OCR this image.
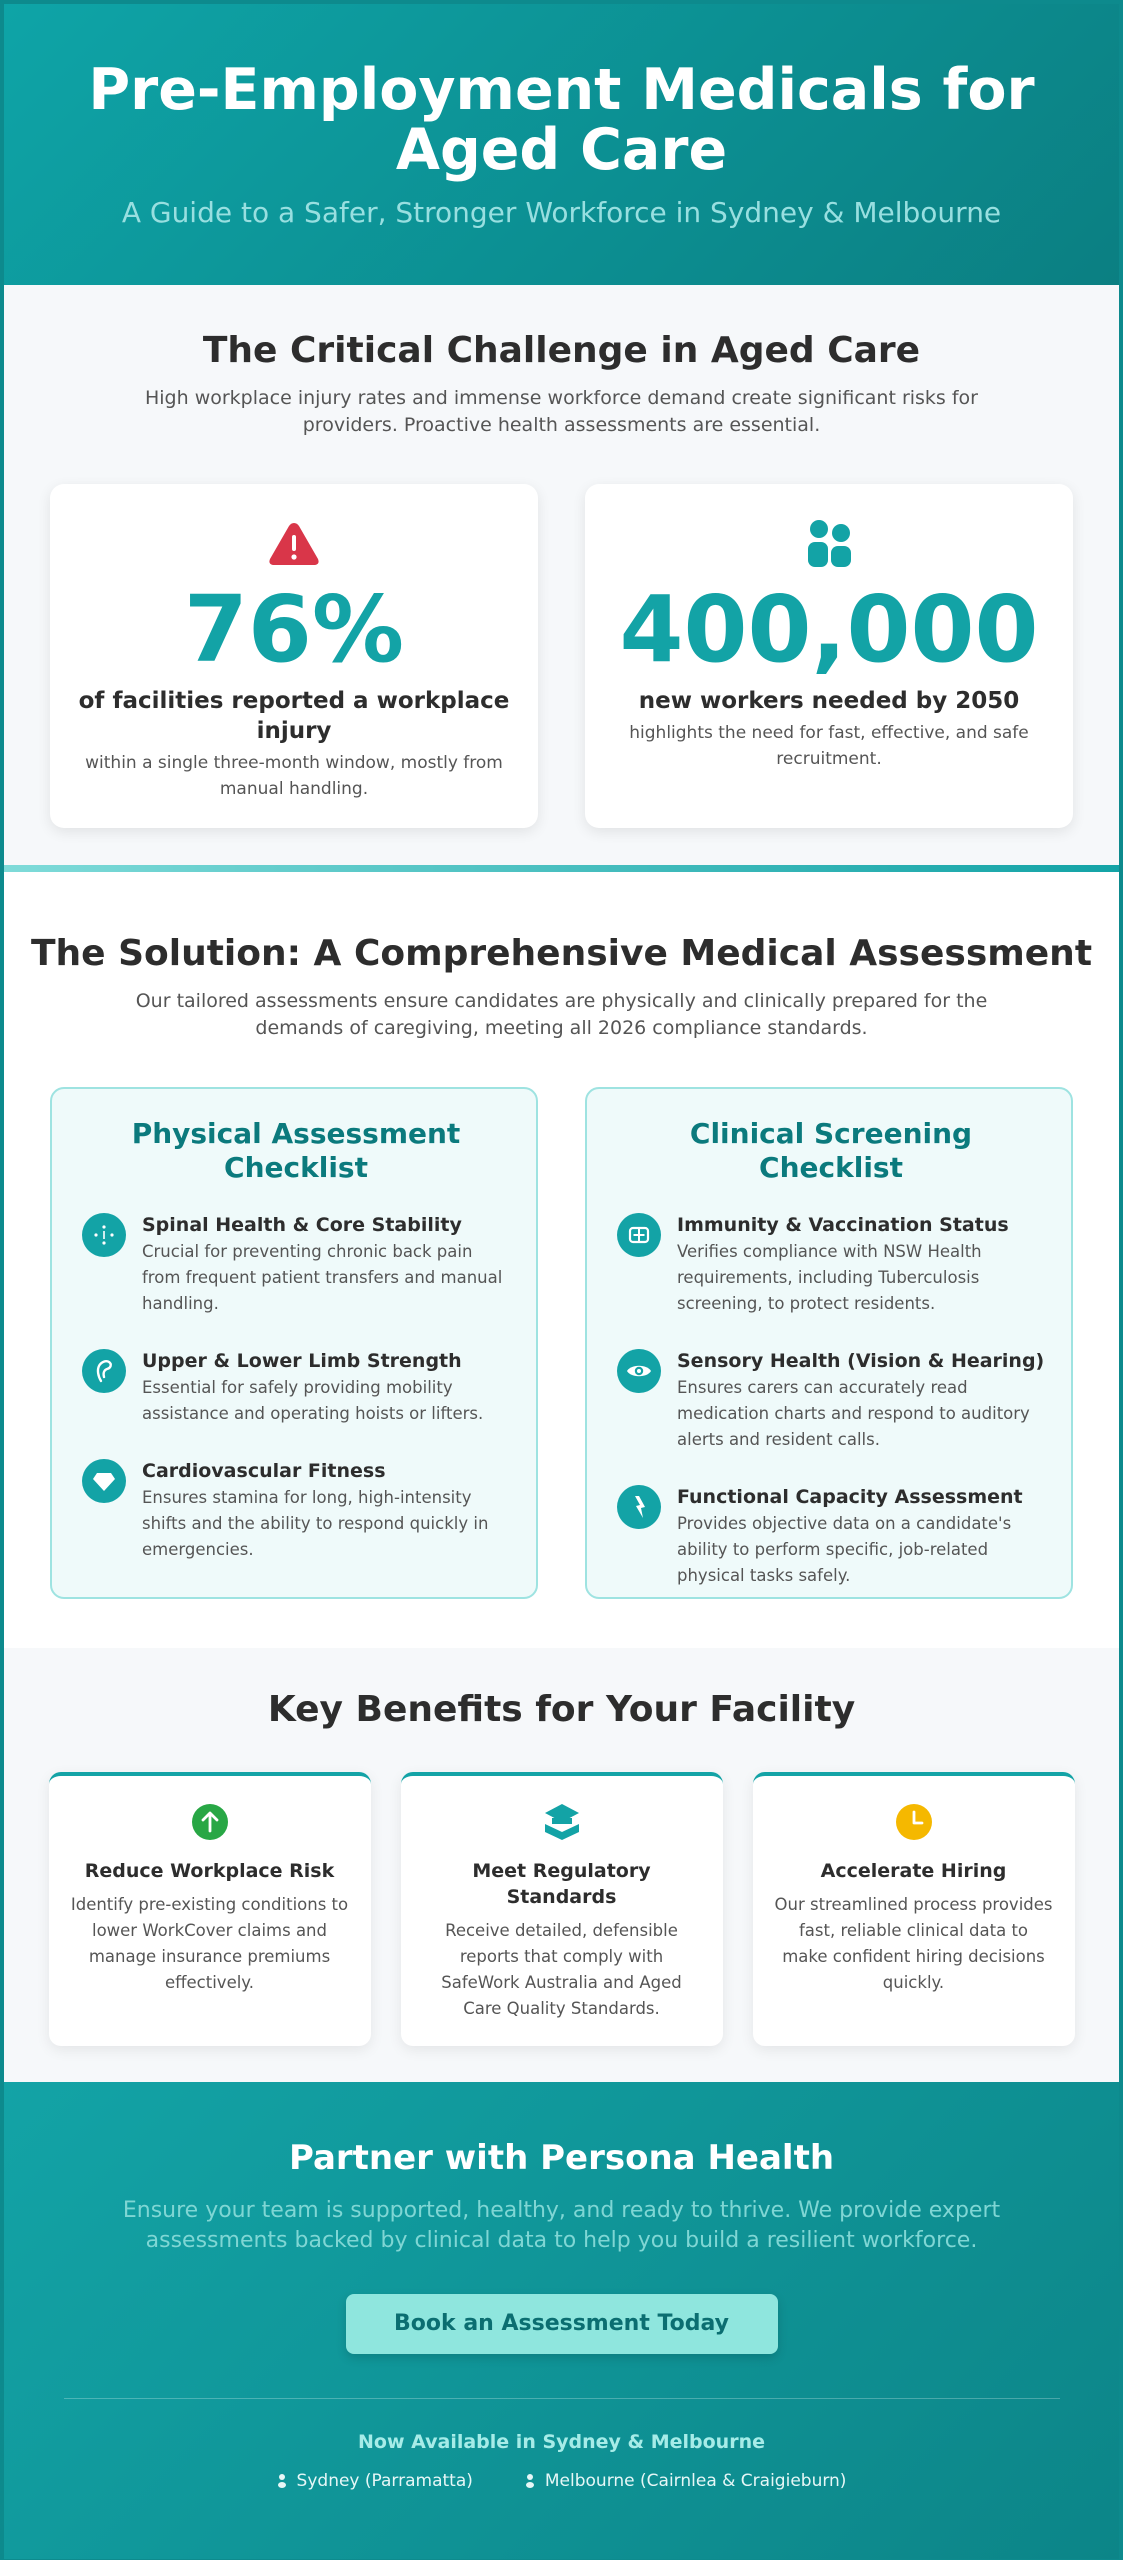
Pre-Employment Medicals for Aged Care
A Guide to a Safer, Stronger Workforce in Sydney & Melbourne
The Critical Challenge in Aged Care

High workplace injury rates and immense workforce demand create significant risks for providers. Proactive health assessments are essential.

76%
of facilities reported a workplace injury
within a single three-month window, mostly from manual handling.
400,000
new workers needed by 2050
highlights the need for fast, effective, and safe recruitment.
The Solution: A Comprehensive Medical Assessment

Our tailored assessments ensure candidates are physically and clinically prepared for the demands of caregiving, meeting all 2026 compliance standards.

Physical Assessment Checklist
Spinal Health & Core Stability
Crucial for preventing chronic back pain from frequent patient transfers and manual handling.
Upper & Lower Limb Strength
Essential for safely providing mobility assistance and operating hoists or lifters.
Cardiovascular Fitness
Ensures stamina for long, high-intensity shifts and the ability to respond quickly in emergencies.
Clinical Screening Checklist
Immunity & Vaccination Status
Verifies compliance with NSW Health requirements, including Tuberculosis screening, to protect residents.
Sensory Health (Vision & Hearing)
Ensures carers can accurately read medication charts and respond to auditory alerts and resident calls.
Functional Capacity Assessment
Provides objective data on a candidate's ability to perform specific, job-related physical tasks safely.
Key Benefits for Your Facility
Reduce Workplace Risk
Identify pre-existing conditions to lower WorkCover claims and manage insurance premiums effectively.
Meet Regulatory Standards
Receive detailed, defensible reports that comply with SafeWork Australia and Aged Care Quality Standards.
Accelerate Hiring
Our streamlined process provides fast, reliable clinical data to make confident hiring decisions quickly.
Partner with Persona Health

Ensure your team is supported, healthy, and ready to thrive. We provide expert assessments backed by clinical data to help you build a resilient workforce.

Book an Assessment Today
Now Available in Sydney & Melbourne
Sydney (Parramatta)	Melbourne (Cairnlea & Craigieburn)
